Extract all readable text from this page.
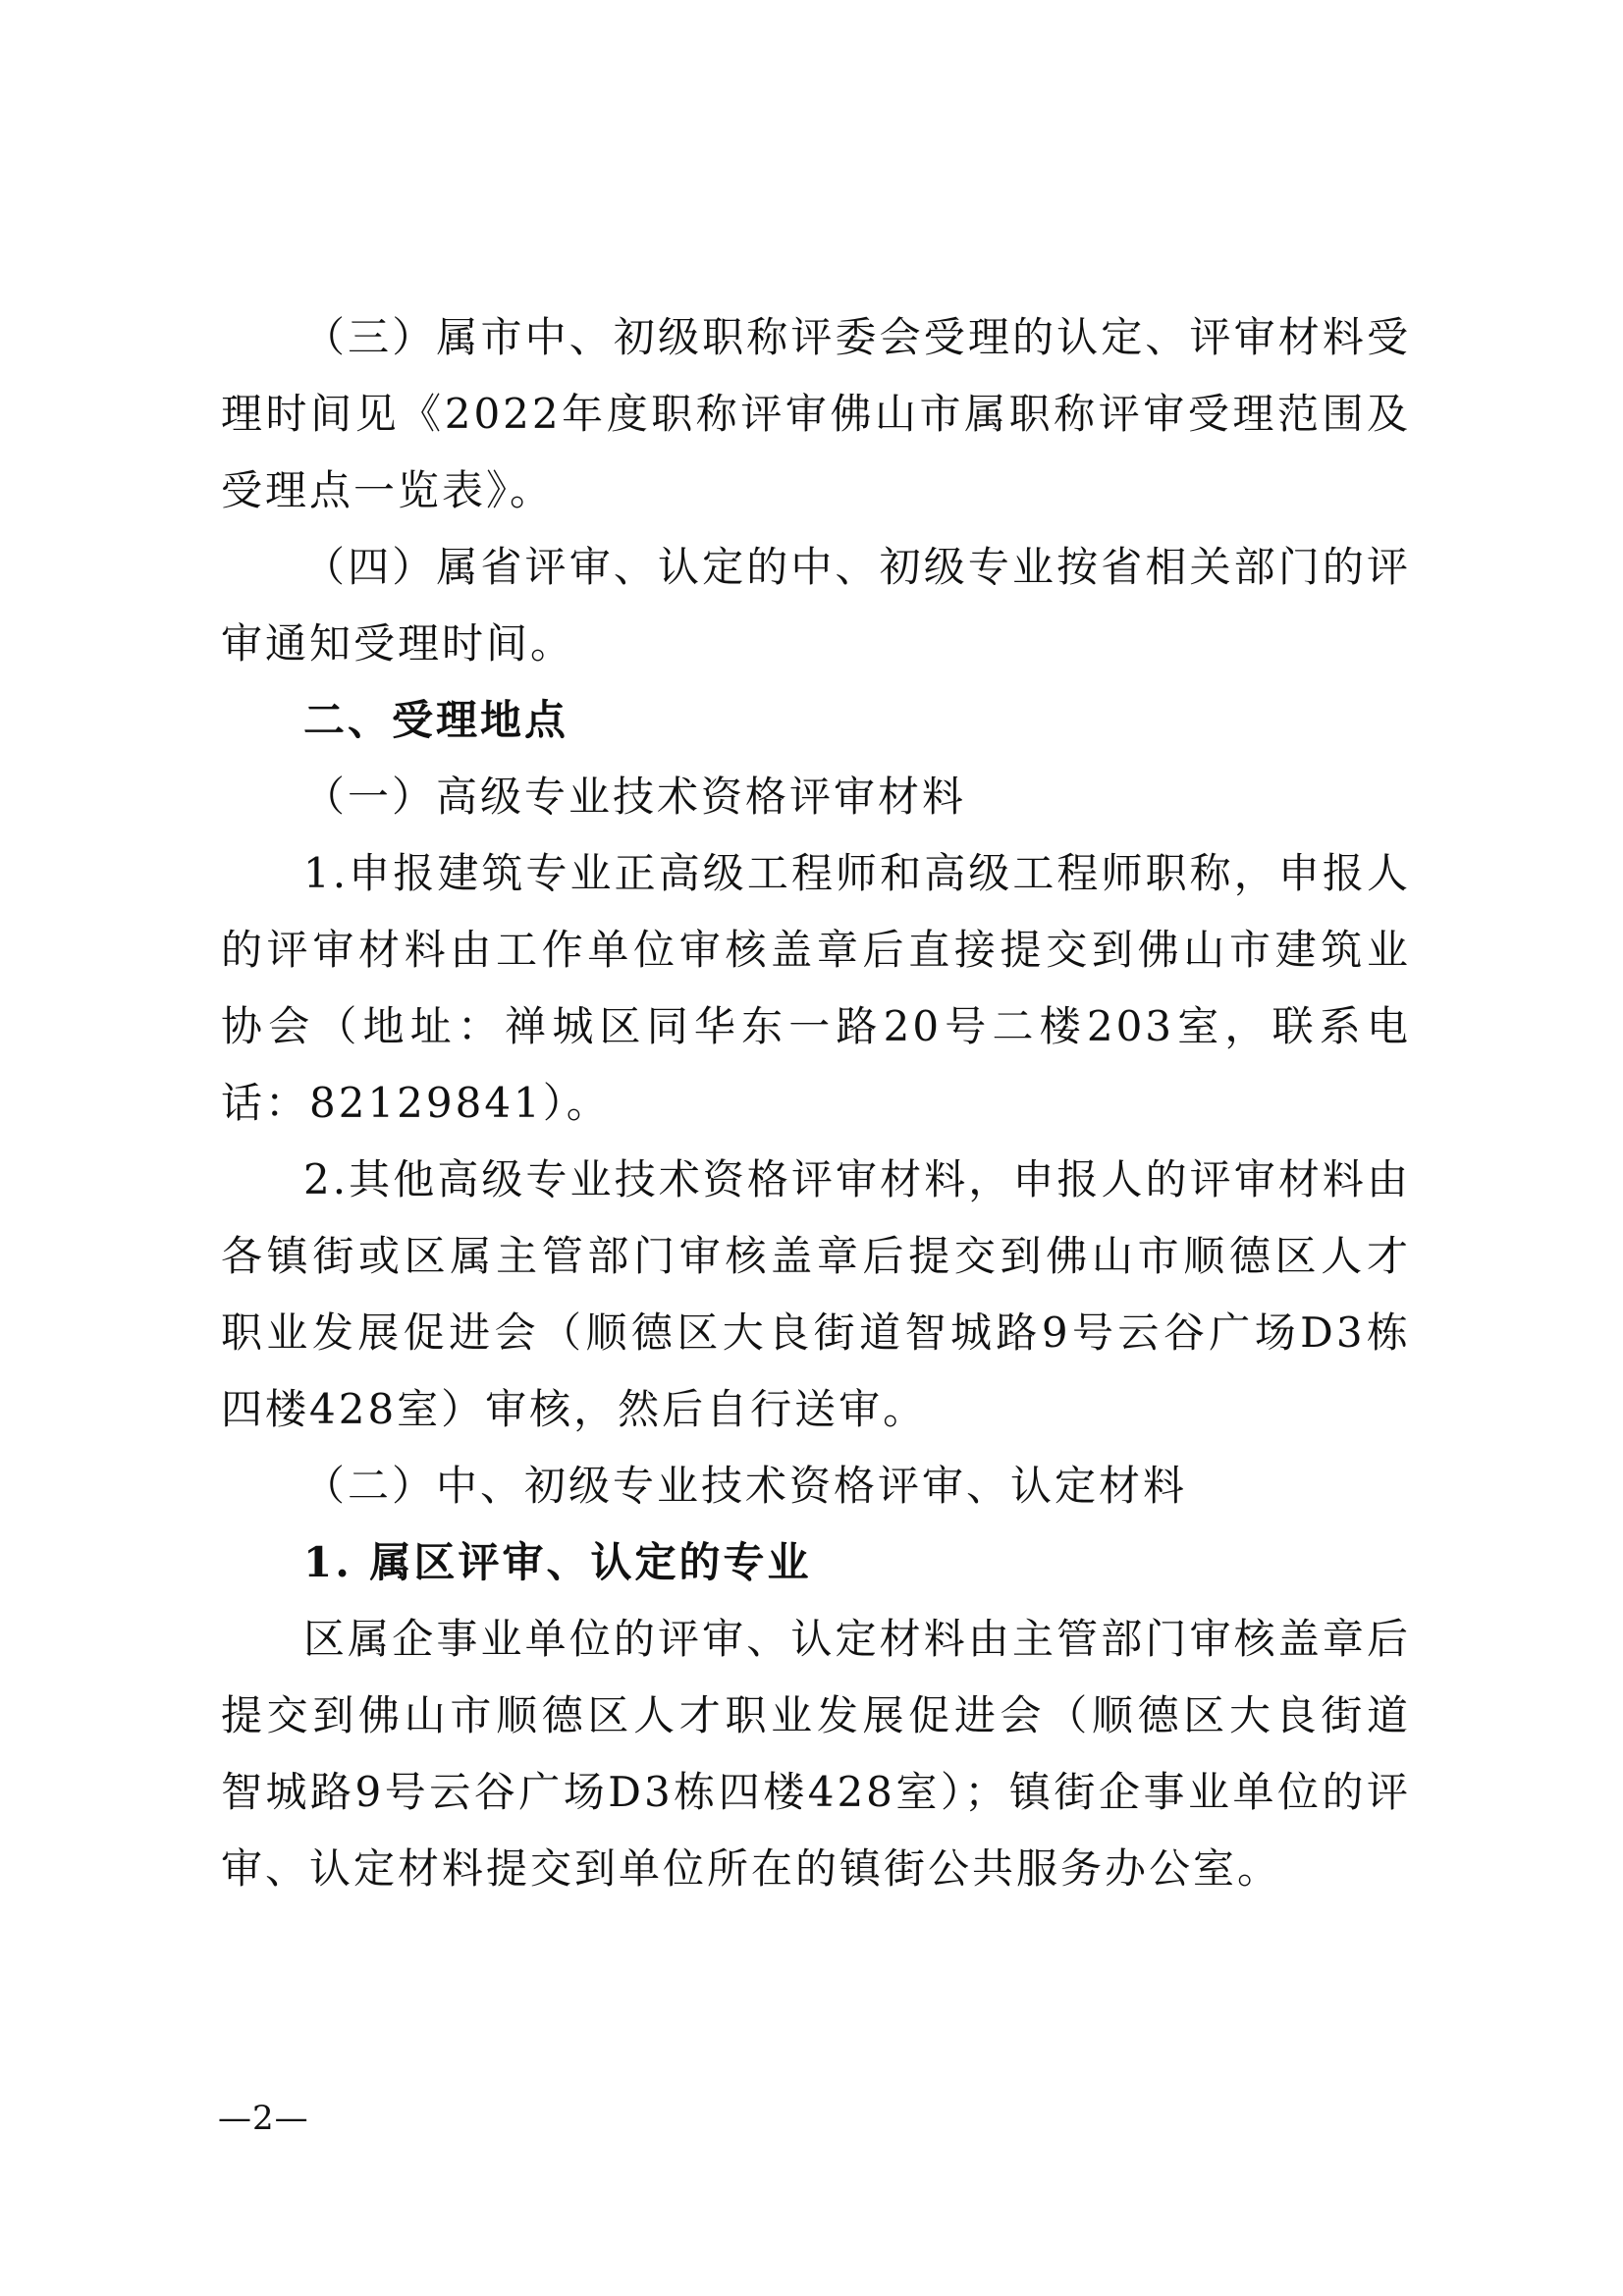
（三）属市中、初级职称评委会受理的认定、评审材料受理时间见《2022年度职称评审佛山市属职称评审受理范围及受理点一览表》。

（四）属省评审、认定的中、初级专业按省相关部门的评审通知受理时间。

二、受理地点

（一）高级专业技术资格评审材料

1.申报建筑专业正高级工程师和高级工程师职称，申报人的评审材料由工作单位审核盖章后直接提交到佛山市建筑业协会（地址：禅城区同华东一路20号二楼203室，联系电话：82129841）。

2.其他高级专业技术资格评审材料，申报人的评审材料由各镇街或区属主管部门审核盖章后提交到佛山市顺德区人才职业发展促进会（顺德区大良街道智城路9号云谷广场D3栋四楼428室）审核，然后自行送审。

（二）中、初级专业技术资格评审、认定材料

1. 属区评审、认定的专业

区属企事业单位的评审、认定材料由主管部门审核盖章后提交到佛山市顺德区人才职业发展促进会（顺德区大良街道智城路9号云谷广场D3栋四楼428室）；镇街企事业单位的评审、认定材料提交到单位所在的镇街公共服务办公室。

—2—
